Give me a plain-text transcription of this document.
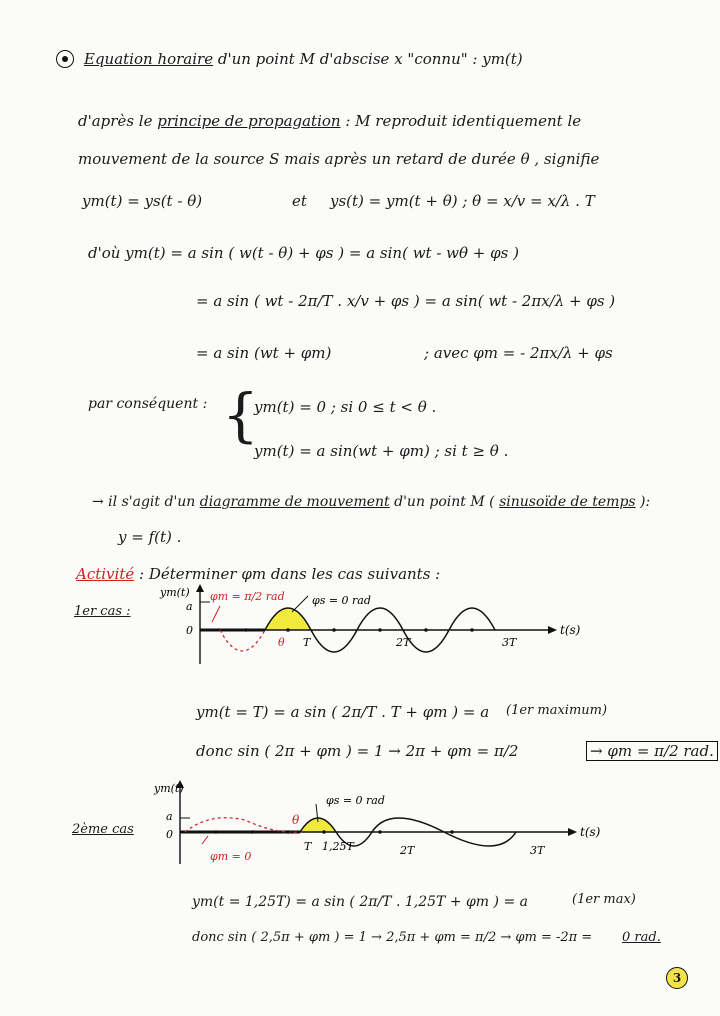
Equation horaire d'un point M d'abscise x "connu" : ym(t)
d'après le principe de propagation : M reproduit identiquement le
mouvement de la source S mais après un retard de durée θ , signifie
ym(t) = ys(t - θ)	et ys(t) = ym(t + θ) ; θ = x/v = x/λ . T
d'où ym(t) = a sin ( w(t - θ) + φs ) = a sin( wt - wθ + φs )
= a sin ( wt - 2π/T . x/v + φs ) = a sin( wt - 2πx/λ + φs )
= a sin (wt + φm)	; avec φm = - 2πx/λ + φs
par conséquent : {
ym(t) = 0 ; si 0 ≤ t < θ .
ym(t) = a sin(wt + φm) ; si t ≥ θ .
→ il s'agit d'un diagramme de mouvement d'un point M ( sinusoïde de temps ):
y = f(t) .
Activité : Déterminer φm dans les cas suivants :
1er cas :
ym(t)
a
0
φm = π/2 rad φs = 0 rad
θ T	2T	3T
t(s)
ym(t = T) = a sin ( 2π/T . T + φm ) = a (1er maximum)
donc sin ( 2π + φm ) = 1 → 2π + φm = π/2	→ φm = π/2 rad.
2ème cas
ym(t)
a
0
φm = 0
φs = 0 rad
θ
T 1,25T	2T	3T
t(s)
ym(t = 1,25T) = a sin ( 2π/T . 1,25T + φm ) = a	(1er max)
donc sin ( 2,5π + φm ) = 1 → 2,5π + φm = π/2 → φm = -2π = 0 rad.
3
